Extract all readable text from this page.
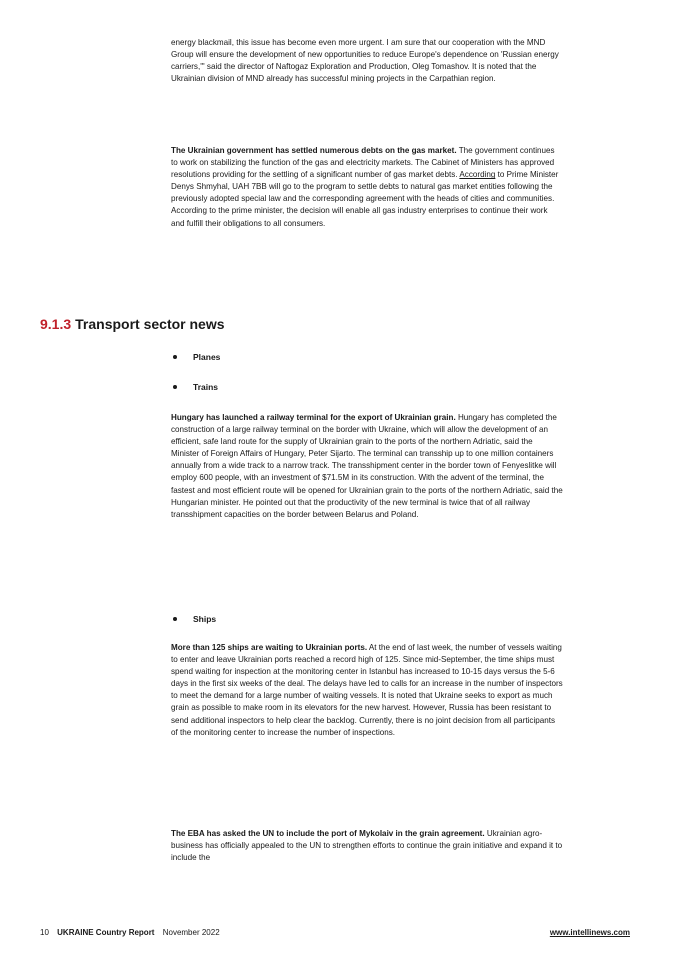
energy blackmail, this issue has become even more urgent. I am sure that our cooperation with the MND Group will ensure the development of new opportunities to reduce Europe's dependence on 'Russian energy carriers,'" said the director of Naftogaz Exploration and Production, Oleg Tomashov. It is noted that the Ukrainian division of MND already has successful mining projects in the Carpathian region.

The Ukrainian government has settled numerous debts on the gas market. The government continues to work on stabilizing the function of the gas and electricity markets. The Cabinet of Ministers has approved resolutions providing for the settling of a significant number of gas market debts. According to Prime Minister Denys Shmyhal, UAH 7BB will go to the program to settle debts to natural gas market entities following the previously adopted special law and the corresponding agreement with the heads of cities and communities. According to the prime minister, the decision will enable all gas industry enterprises to continue their work and fulfill their obligations to all consumers.

9.1.3 Transport sector news
Planes
Trains

Hungary has launched a railway terminal for the export of Ukrainian grain. Hungary has completed the construction of a large railway terminal on the border with Ukraine, which will allow the development of an efficient, safe land route for the supply of Ukrainian grain to the ports of the northern Adriatic, said the Minister of Foreign Affairs of Hungary, Peter Sijarto. The terminal can transship up to one million containers annually from a wide track to a narrow track. The transshipment center in the border town of Fenyeslitke will employ 600 people, with an investment of $71.5M in its construction. With the advent of the terminal, the fastest and most efficient route will be opened for Ukrainian grain to the ports of the northern Adriatic, said the Hungarian minister. He pointed out that the productivity of the new terminal is twice that of all railway transshipment capacities on the border between Belarus and Poland.

Ships

More than 125 ships are waiting to Ukrainian ports. At the end of last week, the number of vessels waiting to enter and leave Ukrainian ports reached a record high of 125. Since mid-September, the time ships must spend waiting for inspection at the monitoring center in Istanbul has increased to 10-15 days versus the 5-6 days in the first six weeks of the deal. The delays have led to calls for an increase in the number of inspectors to meet the demand for a large number of waiting vessels. It is noted that Ukraine seeks to export as much grain as possible to make room in its elevators for the new harvest. However, Russia has been resistant to send additional inspectors to help clear the backlog. Currently, there is no joint decision from all participants of the monitoring center to increase the number of inspections.

The EBA has asked the UN to include the port of Mykolaiv in the grain agreement. Ukrainian agro-business has officially appealed to the UN to strengthen efforts to continue the grain initiative and expand it to include the

10 UKRAINE Country Report November 2022	www.intellinews.com
